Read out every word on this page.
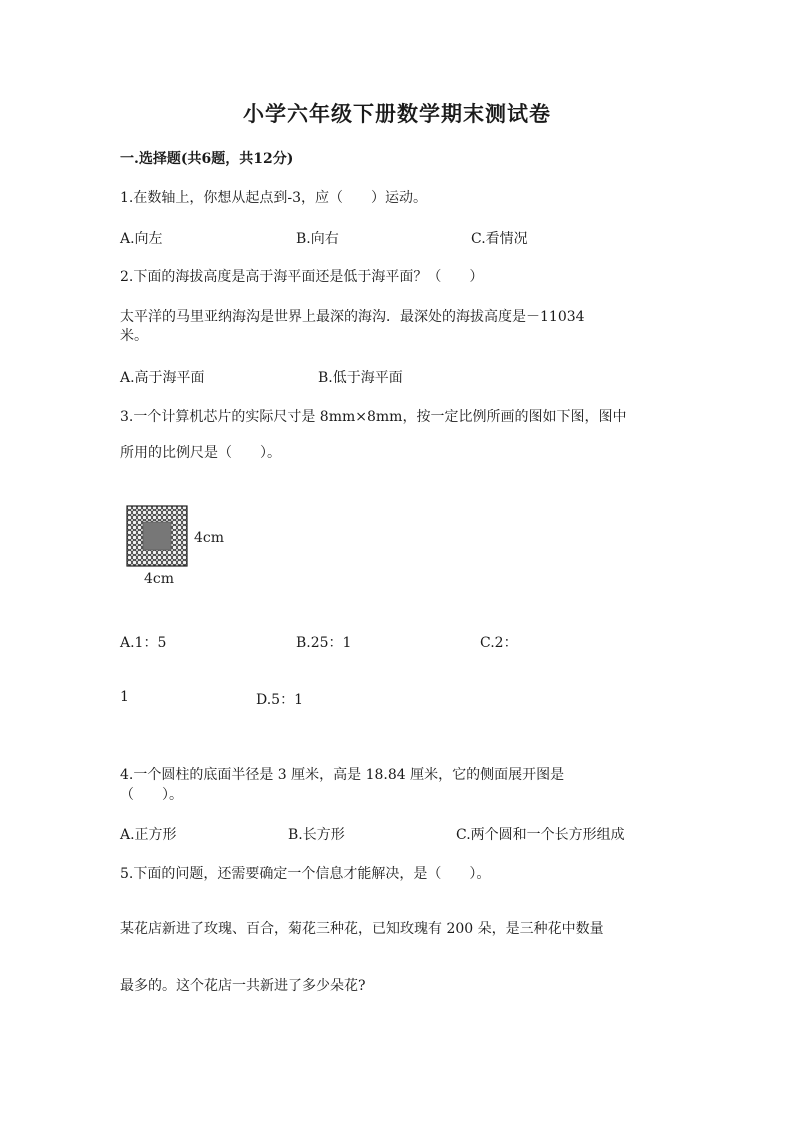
小学六年级下册数学期末测试卷
一.选择题(共6题，共12分)
1.在数轴上，你想从起点到-3，应（　　）运动。
A.向左	B.向右	C.看情况
2.下面的海拔高度是高于海平面还是低于海平面？（　　）
太平洋的马里亚纳海沟是世界上最深的海沟．最深处的海拔高度是－11034
米。
A.高于海平面	B.低于海平面
3.一个计算机芯片的实际尺寸是 8mm×8mm，按一定比例所画的图如下图，图中
所用的比例尺是（　　）。
4cm
4cm
A.1：5	B.25：1	C.2：
1	D.5：1
4.一个圆柱的底面半径是 3 厘米，高是 18.84 厘米，它的侧面展开图是
（　　）。
A.正方形	B.长方形	C.两个圆和一个长方形组成
5.下面的问题，还需要确定一个信息才能解决，是（　　）。
某花店新进了玫瑰、百合，菊花三种花，已知玫瑰有 200 朵，是三种花中数量
最多的。这个花店一共新进了多少朵花?
